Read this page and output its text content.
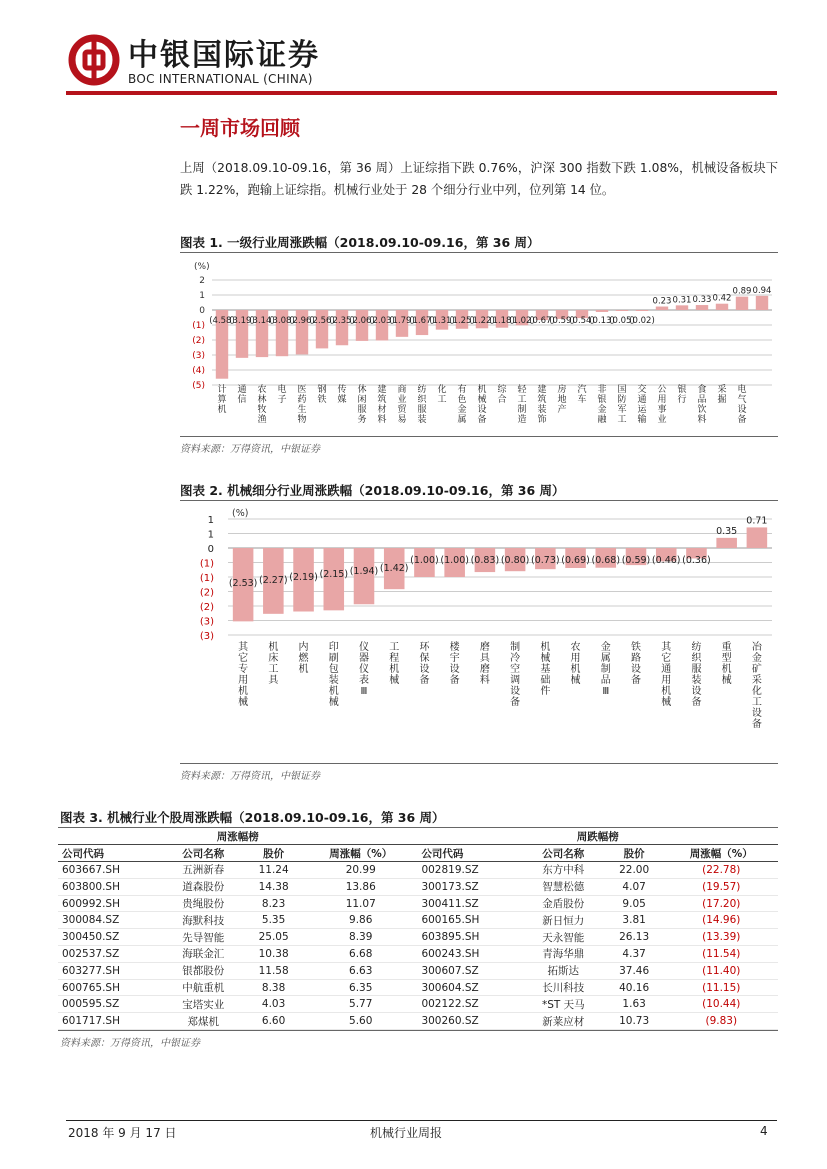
中银国际证券
BOC INTERNATIONAL (CHINA)
一周市场回顾
上周（2018.09.10-09.16，第 36 周）上证综指下跌 0.76%，沪深 300 指数下跌 1.08%，机械设备板块下跌 1.22%，跑输上证综指。机械行业处于 28 个细分行业中列，位列第 14 位。
图表 1. 一级行业周涨跌幅（2018.09.10-09.16，第 36 周）
(%)
2
1
0
(1)
(2)
(3)
(4)
(5)
(4.58)
计
算
机
(3.19)
通
信
(3.14)
农
林
牧
渔
(3.08)
电
子
(2.96)
医
药
生
物
(2.56)
钢
铁
(2.35)
传
媒
(2.06)
休
闲
服
务
(2.03)
建
筑
材
料
(1.79)
商
业
贸
易
(1.67)
纺
织
服
装
(1.31)
化
工
(1.25)
有
色
金
属
(1.22)
机
械
设
备
(1.18)
综
合
(1.02)
轻
工
制
造
(0.67)
建
筑
装
饰
(0.59)
房
地
产
(0.54)
汽
车
(0.13)
非
银
金
融
(0.05)
国
防
军
工
(0.02)
交
通
运
输
0.23
公
用
事
业
0.31
银
行
0.33
食
品
饮
料
0.42
采
掘
0.89
电
气
设
备
0.94
资料来源：万得资讯，中银证券
图表 2. 机械细分行业周涨跌幅（2018.09.10-09.16，第 36 周）
(%)
1
1
0
(1)
(1)
(2)
(2)
(3)
(3)
(2.53)
其
它
专
用
机
械
(2.27)
机
床
工
具
(2.19)
内
燃
机
(2.15)
印
刷
包
装
机
械
(1.94)
仪
器
仪
表
Ⅲ
(1.42)
工
程
机
械
(1.00)
环
保
设
备
(1.00)
楼
宇
设
备
(0.83)
磨
具
磨
料
(0.80)
制
冷
空
调
设
备
(0.73)
机
械
基
础
件
(0.69)
农
用
机
械
(0.68)
金
属
制
品
Ⅲ
(0.59)
铁
路
设
备
(0.46)
其
它
通
用
机
械
(0.36)
纺
织
服
装
设
备
0.35
重
型
机
械
0.71
冶
金
矿
采
化
工
设
备
资料来源：万得资讯，中银证券
图表 3. 机械行业个股周涨跌幅（2018.09.10-09.16，第 36 周）
周涨幅榜				周跌幅榜			
公司代码	公司名称	股价	周涨幅（%）	公司代码	公司名称	股价	周涨幅（%）
603667.SH	五洲新春	11.24	20.99	002819.SZ	东方中科	22.00	(22.78)
603800.SH	道森股份	14.38	13.86	300173.SZ	智慧松德	4.07	(19.57)
600992.SH	贵绳股份	8.23	11.07	300411.SZ	金盾股份	9.05	(17.20)
300084.SZ	海默科技	5.35	9.86	600165.SH	新日恒力	3.81	(14.96)
300450.SZ	先导智能	25.05	8.39	603895.SH	天永智能	26.13	(13.39)
002537.SZ	海联金汇	10.38	6.68	600243.SH	青海华鼎	4.37	(11.54)
603277.SH	银都股份	11.58	6.63	300607.SZ	拓斯达	37.46	(11.40)
600765.SH	中航重机	8.38	6.35	300604.SZ	长川科技	40.16	(11.15)
000595.SZ	宝塔实业	4.03	5.77	002122.SZ	*ST 天马	1.63	(10.44)
601717.SH	郑煤机	6.60	5.60	300260.SZ	新莱应材	10.73	(9.83)
资料来源：万得资讯，中银证券
2018 年 9 月 17 日	机械行业周报	4
